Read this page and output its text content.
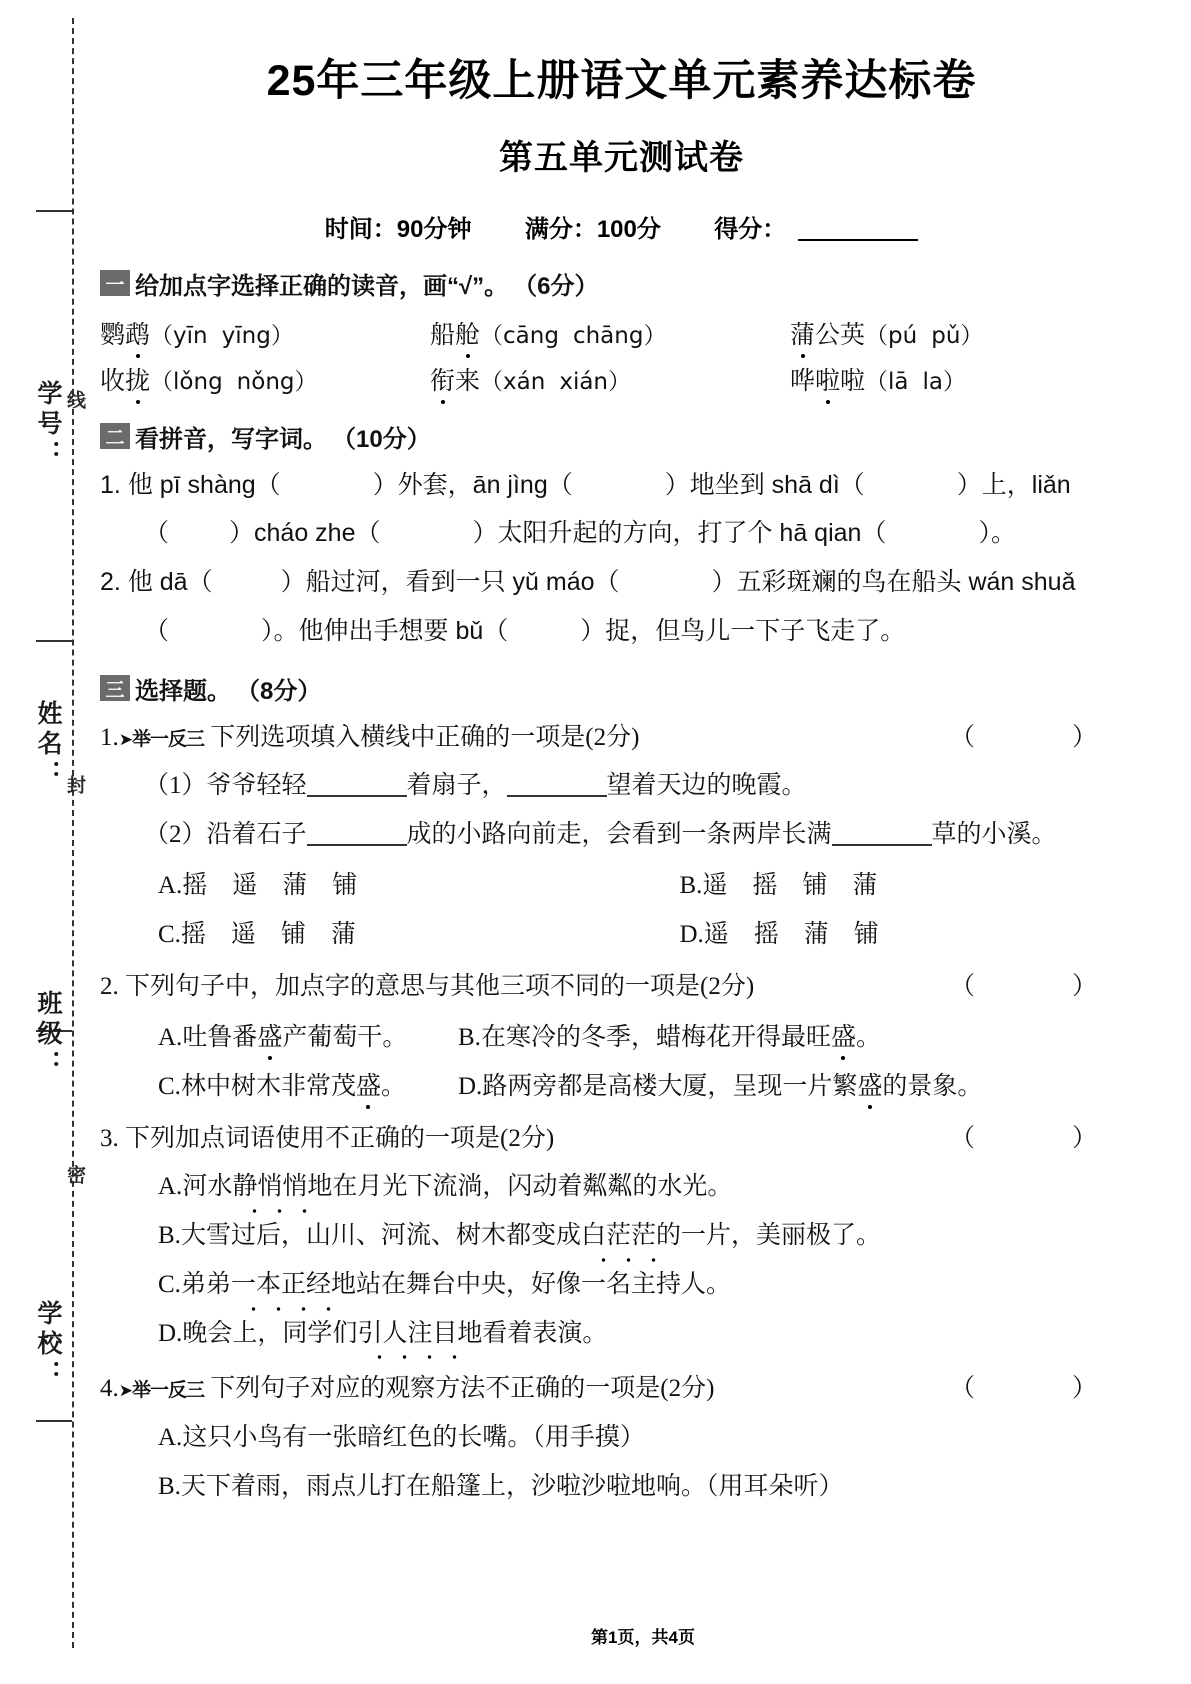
学号：
姓名：
班级：
学校：
线
封
密
25年三年级上册语文单元素养达标卷
第五单元测试卷
时间：90分钟 满分：100分 得分：
一 给加点字选择正确的读音，画“√”。 （6分）
鹦鹉（yīn yīng）	船舱（cāng chāng）	蒲公英（pú pǔ）
收拢（lǒng nǒng）	衔来（xán xián）	哗啦啦（lā la）
二 看拼音，写字词。 （10分）
1. 他 pī shàng（	）外套，ān jìng（	）地坐到 shā dì（	）上，liǎn
（ ）cháo zhe（	）太阳升起的方向，打了个 hā qian（	）。
2. 他 dā（	）船过河，看到一只 yǔ máo（	）五彩斑斓的鸟在船头 wán shuǎ
（	）。他伸出手想要 bǔ（	）捉，但鸟儿一下子飞走了。
三 选择题。 （8分）
（　）
1.➤举一反三 下列选项填入横线中正确的一项是(2分)
（1）爷爷轻轻	着扇子，	望着天边的晚霞。
（2）沿着石子	成的小路向前走，会看到一条两岸长满	草的小溪。
A.摇　遥　蒲　铺	B.遥　摇　铺　蒲
C.摇　遥　铺　蒲	D.遥　摇　蒲　铺
（　）
2. 下列句子中，加点字的意思与其他三项不同的一项是(2分)
A.吐鲁番盛产葡萄干。	B.在寒冷的冬季，蜡梅花开得最旺盛。
C.林中树木非常茂盛。	D.路两旁都是高楼大厦，呈现一片繁盛的景象。
（　）
3. 下列加点词语使用不正确的一项是(2分)
A.河水静悄悄地在月光下流淌，闪动着粼粼的水光。
B.大雪过后，山川、河流、树木都变成白茫茫的一片，美丽极了。
C.弟弟一本正经地站在舞台中央，好像一名主持人。
D.晚会上，同学们引人注目地看着表演。
（　）
4.➤举一反三 下列句子对应的观察方法不正确的一项是(2分)
A.这只小鸟有一张暗红色的长嘴。（用手摸）
B.天下着雨，雨点儿打在船篷上，沙啦沙啦地响。（用耳朵听）
第1页，共4页
